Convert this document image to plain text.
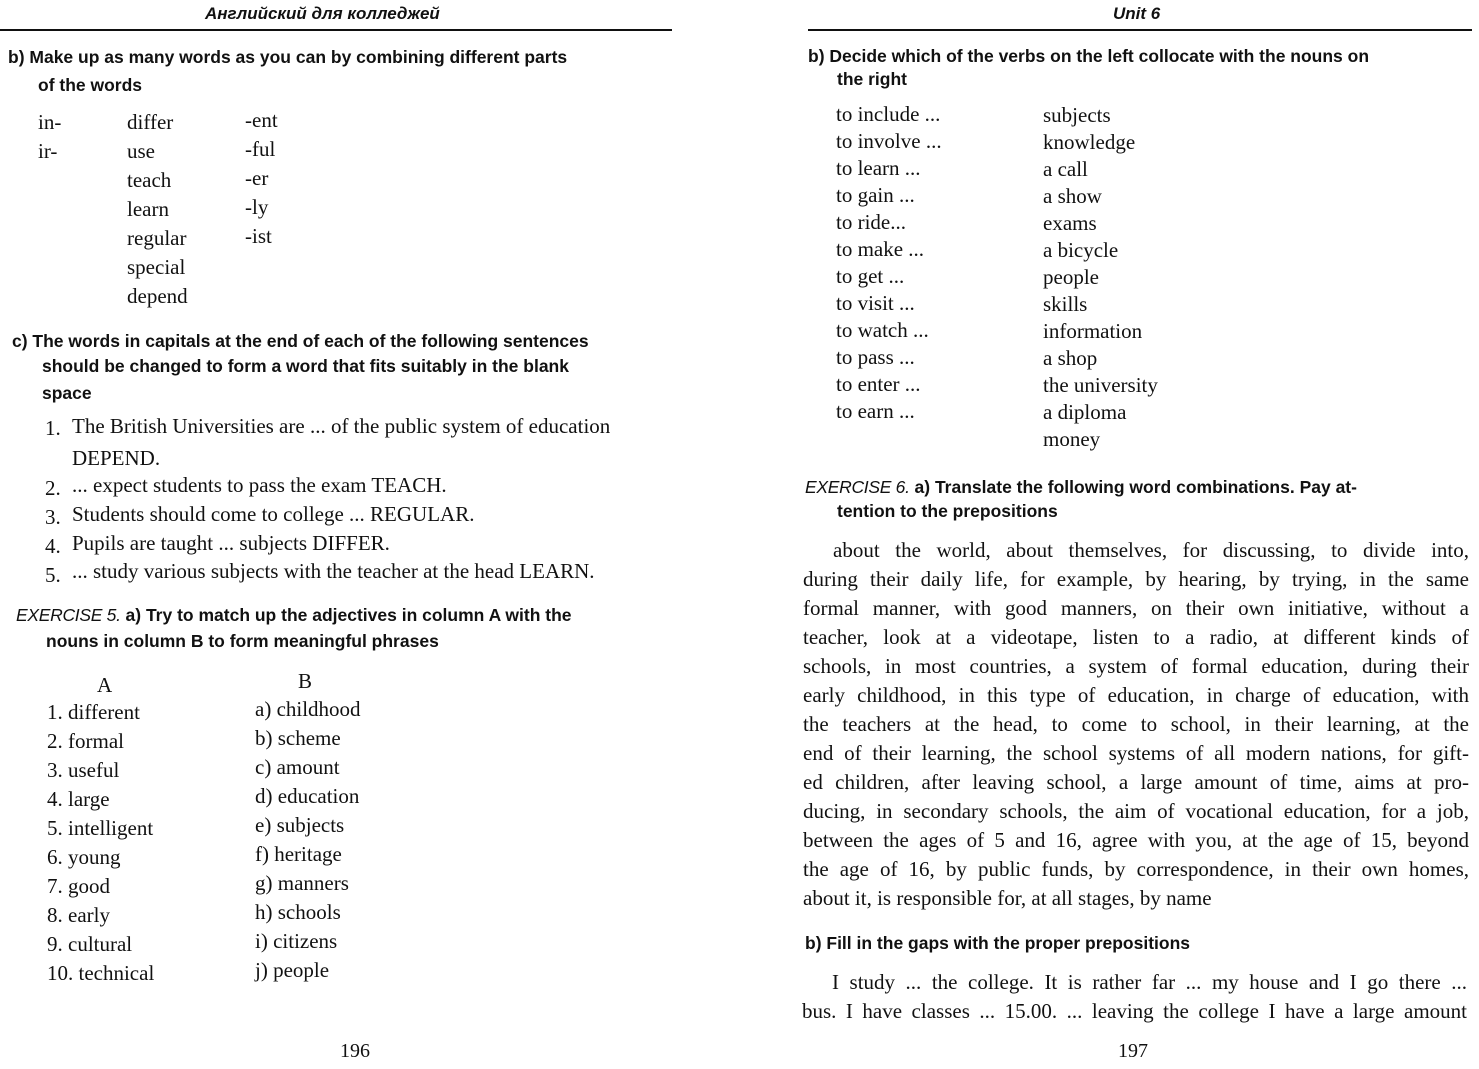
Английский для колледжей
b) Make up as many words as you can by combining different parts
of the words
in-
ir-
differ
use
teach
learn
regular
special
depend
-ent
-ful
-er
-ly
-ist
c) The words in capitals at the end of each of the following sentences
should be changed to form a word that fits suitably in the blank
space
1. The British Universities are ... of the public system of education
DEPEND.
2. ... expect students to pass the exam TEACH.
3. Students should come to college ... REGULAR.
4. Pupils are taught ... subjects DIFFER.
5. ... study various subjects with the teacher at the head LEARN.
EXERCISE 5. a) Try to match up the adjectives in column A with the
nouns in column B to form meaningful phrases
A	B
1. different
2. formal
3. useful
4. large
5. intelligent
6. young
7. good
8. early
9. cultural
10. technical
a) childhood
b) scheme
c) amount
d) education
e) subjects
f) heritage
g) manners
h) schools
i) citizens
j) people
196
Unit 6
b) Decide which of the verbs on the left collocate with the nouns on
the right
to include ...
to involve ...
to learn ...
to gain ...
to ride...
to make ...
to get ...
to visit ...
to watch ...
to pass ...
to enter ...
to earn ...
subjects
knowledge
a call
a show
exams
a bicycle
people
skills
information
a shop
the university
a diploma
money
EXERCISE 6. a) Translate the following word combinations. Pay at-
tention to the prepositions
about the world, about themselves, for discussing, to divide into,
during their daily life, for example, by hearing, by trying, in the same
formal manner, with good manners, on their own initiative, without a
teacher, look at a videotape, listen to a radio, at different kinds of
schools, in most countries, a system of formal education, during their
early childhood, in this type of education, in charge of education, with
the teachers at the head, to come to school, in their learning, at the
end of their learning, the school systems of all modern nations, for gift-
ed children, after leaving school, a large amount of time, aims at pro-
ducing, in secondary schools, the aim of vocational education, for a job,
between the ages of 5 and 16, agree with you, at the age of 15, beyond
the age of 16, by public funds, by correspondence, in their own homes,
about it, is responsible for, at all stages, by name
b) Fill in the gaps with the proper prepositions
I study ... the college. It is rather far ... my house and I go there ...
bus. I have classes ... 15.00. ... leaving the college I have a large amount
197
